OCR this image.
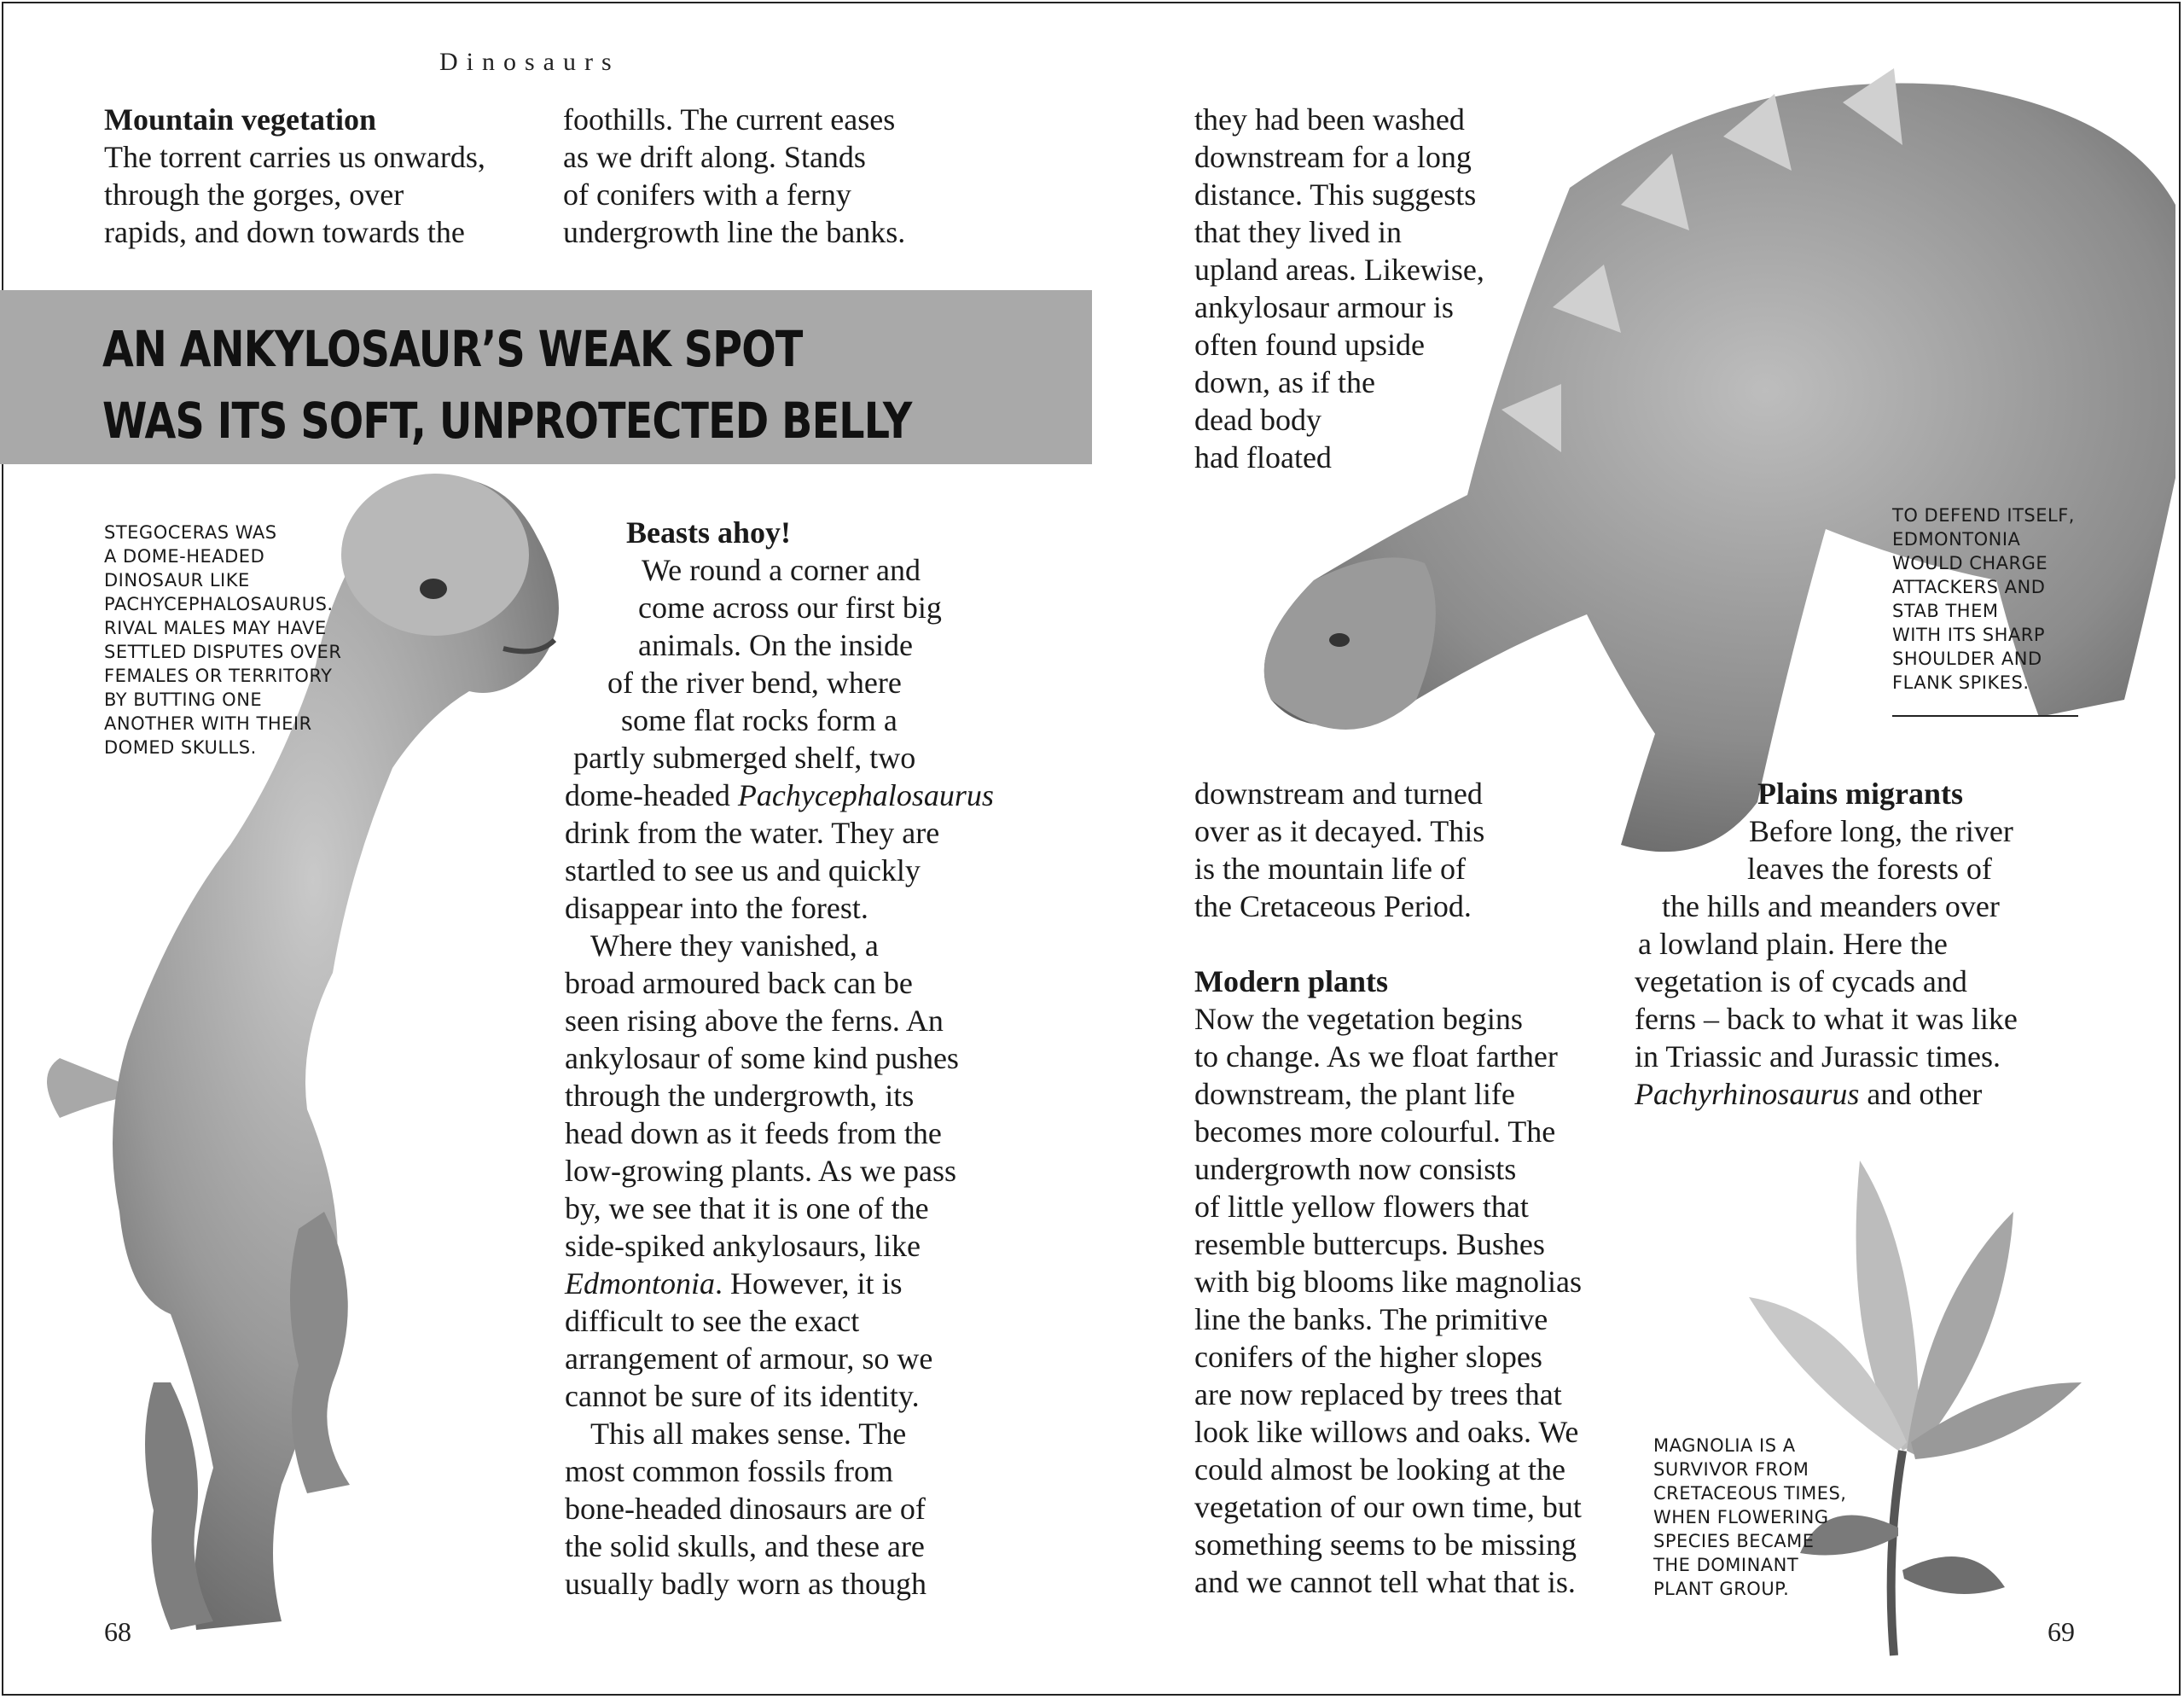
Dinosaurs
Mountain vegetation

The torrent carries us onwards,

through the gorges, over

rapids, and down towards the

foothills. The current eases

as we drift along. Stands

of conifers with a ferny

undergrowth line the banks.

AN ANKYLOSAUR’S WEAK SPOT
WAS ITS SOFT, UNPROTECTED BELLY

STEGOCERAS WAS

A DOME-HEADED

DINOSAUR LIKE

PACHYCEPHALOSAURUS.

RIVAL MALES MAY HAVE

SETTLED DISPUTES OVER

FEMALES OR TERRITORY

BY BUTTING ONE

ANOTHER WITH THEIR

DOMED SKULLS.

Beasts ahoy!

We round a corner and

come across our first big

animals. On the inside

of the river bend, where

some flat rocks form a

partly submerged shelf, two

dome-headed Pachycephalosaurus

drink from the water. They are

startled to see us and quickly

disappear into the forest.

Where they vanished, a

broad armoured back can be

seen rising above the ferns. An

ankylosaur of some kind pushes

through the undergrowth, its

head down as it feeds from the

low-growing plants. As we pass

by, we see that it is one of the

side-spiked ankylosaurs, like

Edmontonia. However, it is

difficult to see the exact

arrangement of armour, so we

cannot be sure of its identity.

This all makes sense. The

most common fossils from

bone-headed dinosaurs are of

the solid skulls, and these are

usually badly worn as though

they had been washed

downstream for a long

distance. This suggests

that they lived in

upland areas. Likewise,

ankylosaur armour is

often found upside

down, as if the

dead body

had floated

TO DEFEND ITSELF,

EDMONTONIA

WOULD CHARGE

ATTACKERS AND

STAB THEM

WITH ITS SHARP

SHOULDER AND

FLANK SPIKES.

downstream and turned

over as it decayed. This

is the mountain life of

the Cretaceous Period.

Plains migrants

Before long, the river

leaves the forests of

the hills and meanders over

a lowland plain. Here the

vegetation is of cycads and

ferns – back to what it was like

in Triassic and Jurassic times.

Pachyrhinosaurus and other

Modern plants

Now the vegetation begins

to change. As we float farther

downstream, the plant life

becomes more colourful. The

undergrowth now consists

of little yellow flowers that

resemble buttercups. Bushes

with big blooms like magnolias

line the banks. The primitive

conifers of the higher slopes

are now replaced by trees that

look like willows and oaks. We

could almost be looking at the

vegetation of our own time, but

something seems to be missing

and we cannot tell what that is.

MAGNOLIA IS A

SURVIVOR FROM

CRETACEOUS TIMES,

WHEN FLOWERING

SPECIES BECAME

THE DOMINANT

PLANT GROUP.

68	69
